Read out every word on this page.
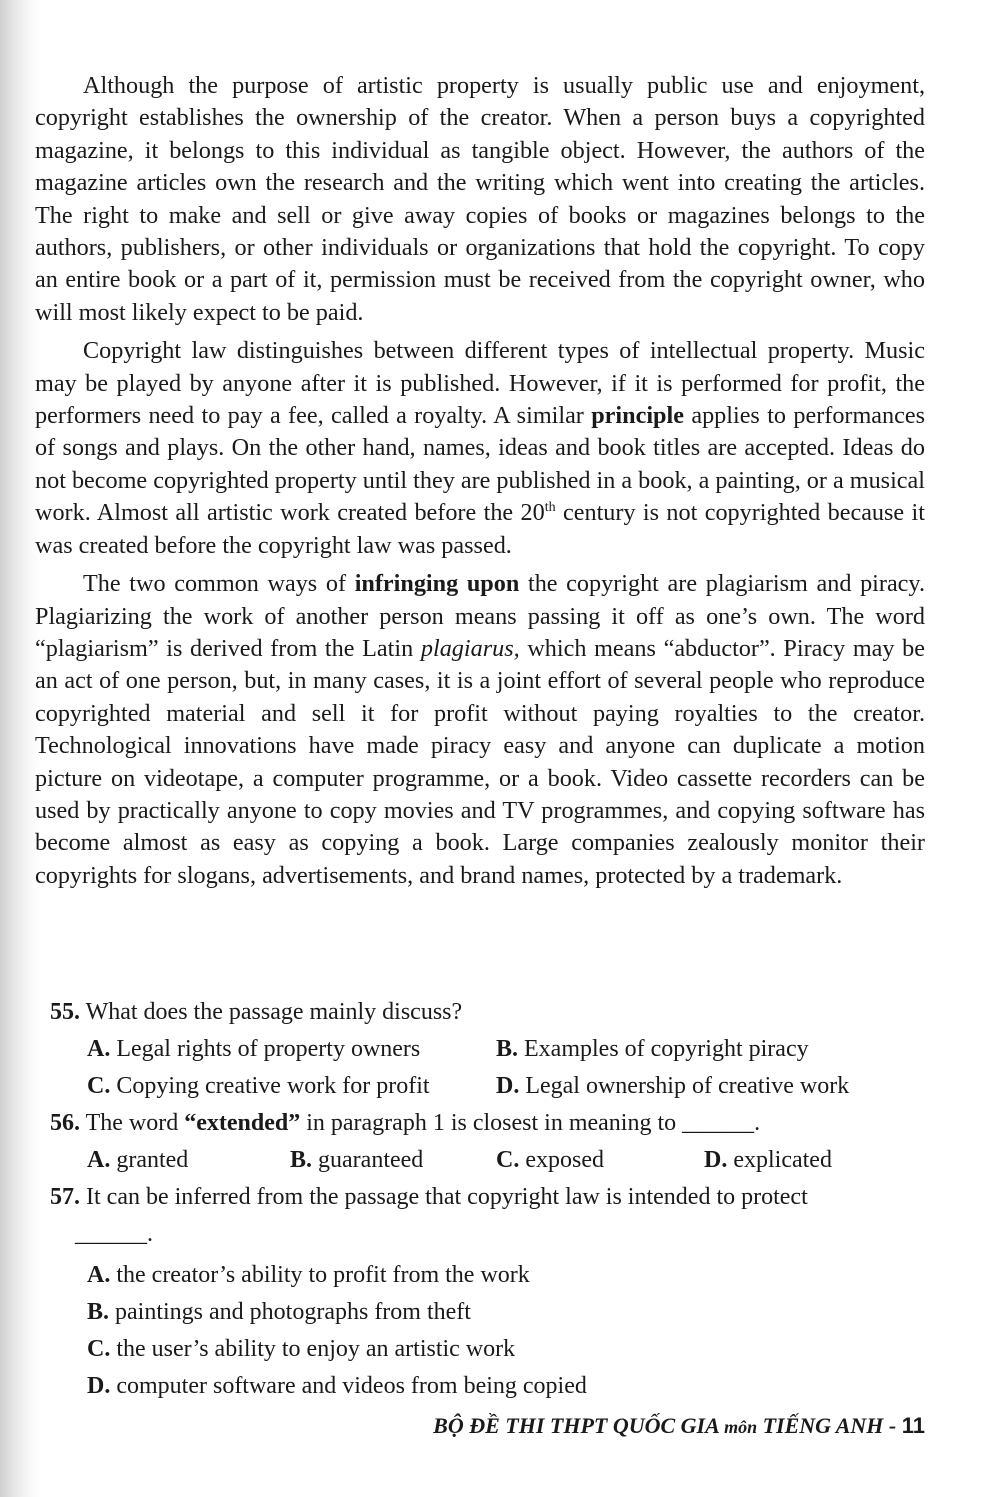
Although the purpose of artistic property is usually public use and enjoyment, copyright establishes the ownership of the creator. When a person buys a copyrighted magazine, it belongs to this individual as tangible object. However, the authors of the magazine articles own the research and the writing which went into creating the articles. The right to make and sell or give away copies of books or magazines belongs to the authors, publishers, or other individuals or organizations that hold the copyright. To copy an entire book or a part of it, permission must be received from the copyright owner, who will most likely expect to be paid.

Copyright law distinguishes between different types of intellectual property. Music may be played by anyone after it is published. However, if it is performed for profit, the performers need to pay a fee, called a royalty. A similar principle applies to performances of songs and plays. On the other hand, names, ideas and book titles are accepted. Ideas do not become copyrighted property until they are published in a book, a painting, or a musical work. Almost all artistic work created before the 20th century is not copyrighted because it was created before the copyright law was passed.

The two common ways of infringing upon the copyright are plagiarism and piracy. Plagiarizing the work of another person means passing it off as one’s own. The word “plagiarism” is derived from the Latin plagiarus, which means “abductor”. Piracy may be an act of one person, but, in many cases, it is a joint effort of several people who reproduce copyrighted material and sell it for profit without paying royalties to the creator. Technological innovations have made piracy easy and anyone can duplicate a motion picture on videotape, a computer programme, or a book. Video cassette recorders can be used by practically anyone to copy movies and TV programmes, and copying software has become almost as easy as copying a book. Large companies zealously monitor their copyrights for slogans, advertisements, and brand names, protected by a trademark.

55. What does the passage mainly discuss?

A. Legal rights of property owners	B. Examples of copyright piracy
C. Copying creative work for profit	D. Legal ownership of creative work

56. The word “extended” in paragraph 1 is closest in meaning to ______.

A. granted	B. guaranteed	C. exposed	D. explicated

57. It can be inferred from the passage that copyright law is intended to protect

______.

A. the creator’s ability to profit from the work
B. paintings and photographs from theft
C. the user’s ability to enjoy an artistic work
D. computer software and videos from being copied
BỘ ĐỀ THI THPT QUỐC GIA môn TIẾNG ANH - 11
